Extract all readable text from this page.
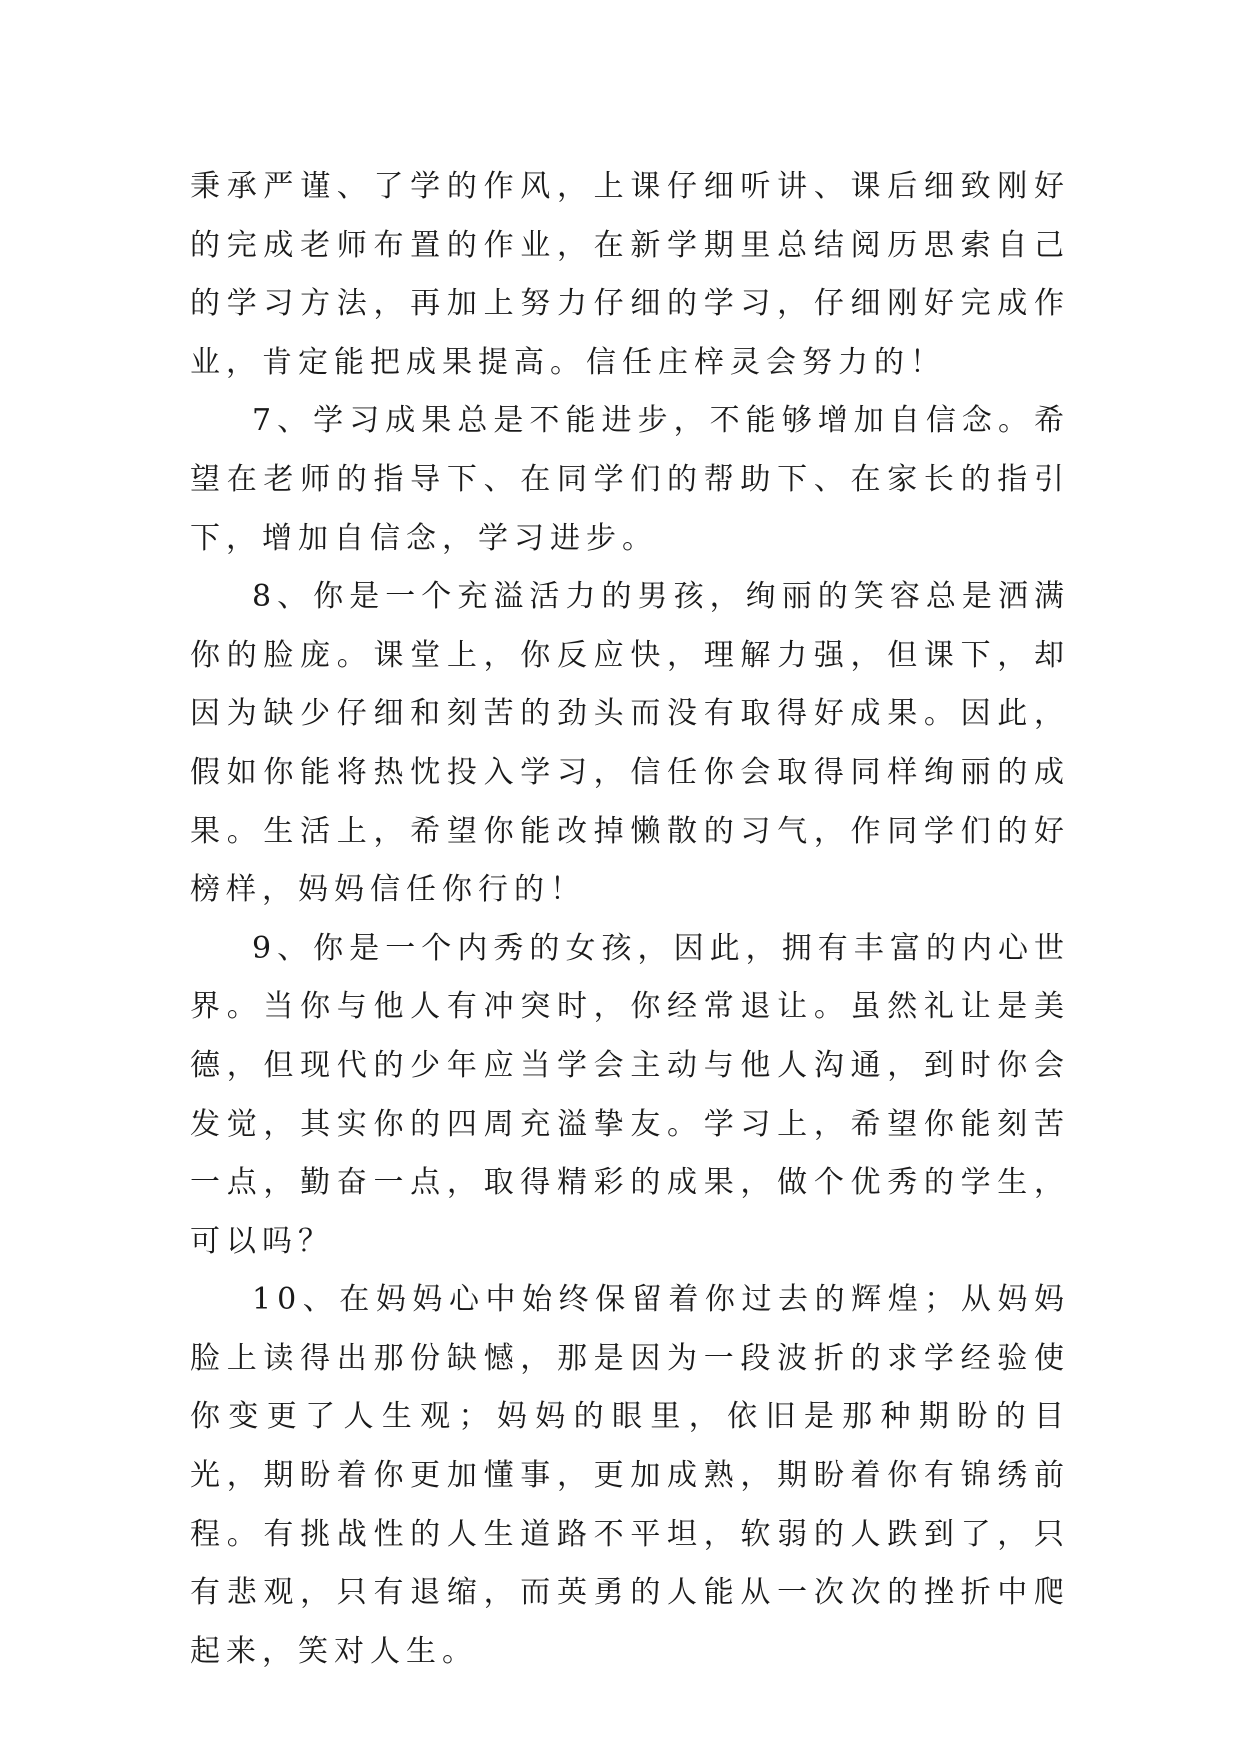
秉承严谨、了学的作风，上课仔细听讲、课后细致刚好的完成老师布置的作业，在新学期里总结阅历思索自己的学习方法，再加上努力仔细的学习，仔细刚好完成作业，肯定能把成果提高。信任庄梓灵会努力的！

7、学习成果总是不能进步，不能够增加自信念。希望在老师的指导下、在同学们的帮助下、在家长的指引下，增加自信念，学习进步。

8、你是一个充溢活力的男孩，绚丽的笑容总是洒满你的脸庞。课堂上，你反应快，理解力强，但课下，却因为缺少仔细和刻苦的劲头而没有取得好成果。因此，假如你能将热忱投入学习，信任你会取得同样绚丽的成果。生活上，希望你能改掉懒散的习气，作同学们的好榜样，妈妈信任你行的！

9、你是一个内秀的女孩，因此，拥有丰富的内心世界。当你与他人有冲突时，你经常退让。虽然礼让是美德，但现代的少年应当学会主动与他人沟通，到时你会发觉，其实你的四周充溢挚友。学习上，希望你能刻苦一点，勤奋一点，取得精彩的成果，做个优秀的学生，可以吗？

10、在妈妈心中始终保留着你过去的辉煌；从妈妈脸上读得出那份缺憾，那是因为一段波折的求学经验使你变更了人生观；妈妈的眼里，依旧是那种期盼的目光，期盼着你更加懂事，更加成熟，期盼着你有锦绣前程。有挑战性的人生道路不平坦，软弱的人跌到了，只有悲观，只有退缩，而英勇的人能从一次次的挫折中爬起来，笑对人生。
